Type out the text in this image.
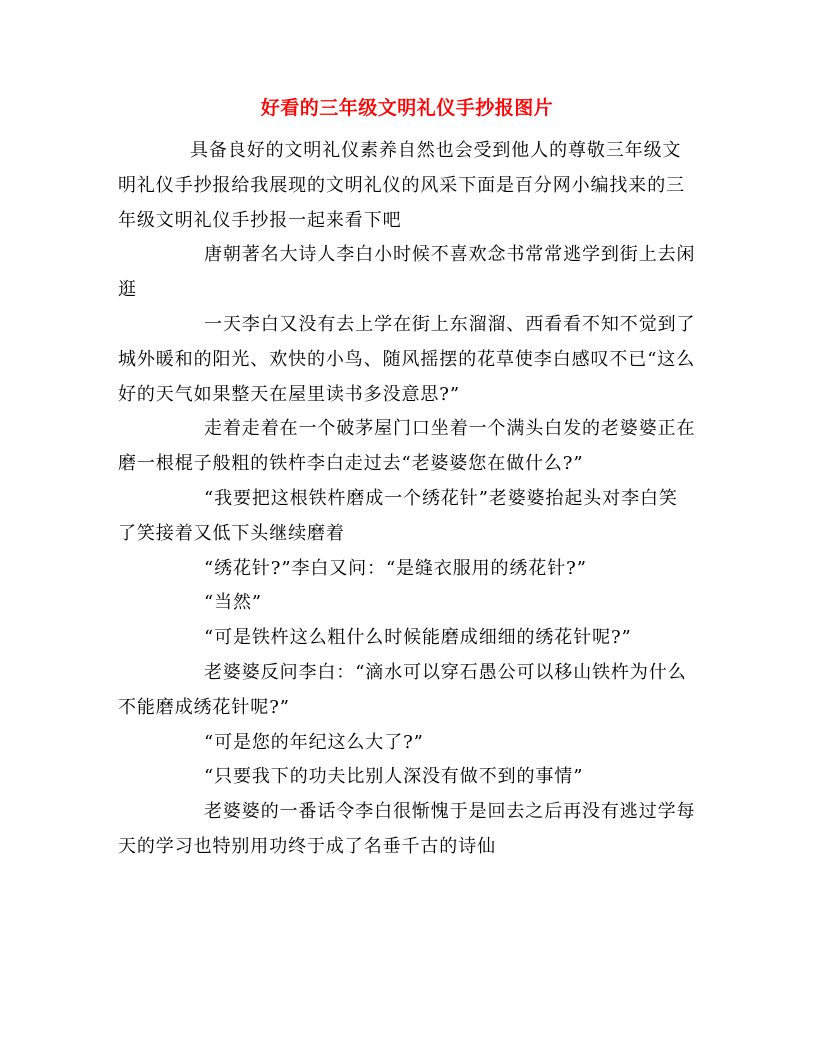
好看的三年级文明礼仪手抄报图片

具备良好的文明礼仪素养自然也会受到他人的尊敬三年级文明礼仪手抄报给我展现的文明礼仪的风采下面是百分网小编找来的三年级文明礼仪手抄报一起来看下吧

唐朝著名大诗人李白小时候不喜欢念书常常逃学到街上去闲逛

一天李白又没有去上学在街上东溜溜、西看看不知不觉到了城外暖和的阳光、欢快的小鸟、随风摇摆的花草使李白感叹不已“这么好的天气如果整天在屋里读书多没意思?”

走着走着在一个破茅屋门口坐着一个满头白发的老婆婆正在磨一根棍子般粗的铁杵李白走过去“老婆婆您在做什么?”

“我要把这根铁杵磨成一个绣花针”老婆婆抬起头对李白笑了笑接着又低下头继续磨着

“绣花针?”李白又问：“是缝衣服用的绣花针?”

“当然”

“可是铁杵这么粗什么时候能磨成细细的绣花针呢?”

老婆婆反问李白：“滴水可以穿石愚公可以移山铁杵为什么不能磨成绣花针呢?”

“可是您的年纪这么大了?”

“只要我下的功夫比别人深没有做不到的事情”

老婆婆的一番话令李白很惭愧于是回去之后再没有逃过学每天的学习也特别用功终于成了名垂千古的诗仙
